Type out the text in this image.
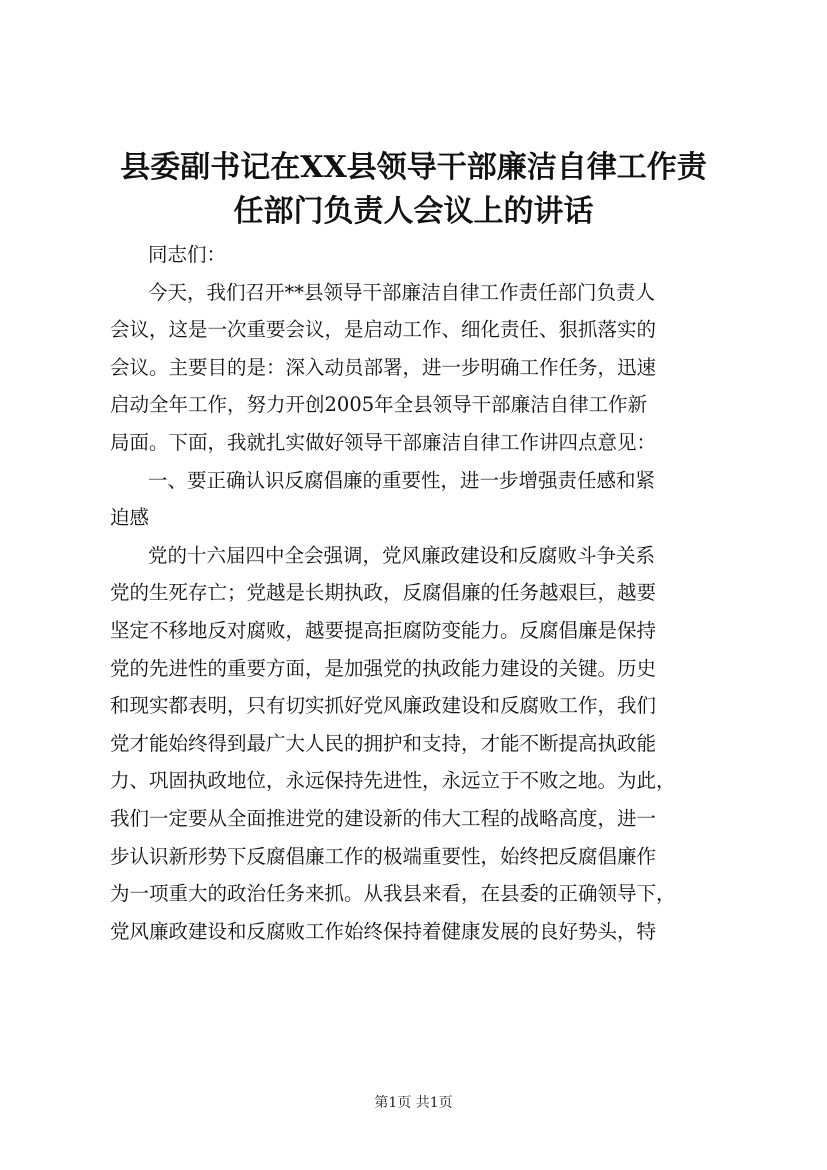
县委副书记在XX县领导干部廉洁自律工作责
任部门负责人会议上的讲话

同志们：

今天，我们召开**县领导干部廉洁自律工作责任部门负责人
会议，这是一次重要会议，是启动工作、细化责任、狠抓落实的
会议。主要目的是：深入动员部署，进一步明确工作任务，迅速
启动全年工作，努力开创2005年全县领导干部廉洁自律工作新
局面。下面，我就扎实做好领导干部廉洁自律工作讲四点意见：

一、要正确认识反腐倡廉的重要性，进一步增强责任感和紧
迫感

党的十六届四中全会强调，党风廉政建设和反腐败斗争关系
党的生死存亡；党越是长期执政，反腐倡廉的任务越艰巨，越要
坚定不移地反对腐败，越要提高拒腐防变能力。反腐倡廉是保持
党的先进性的重要方面，是加强党的执政能力建设的关键。历史
和现实都表明，只有切实抓好党风廉政建设和反腐败工作，我们
党才能始终得到最广大人民的拥护和支持，才能不断提高执政能
力、巩固执政地位，永远保持先进性，永远立于不败之地。为此，
我们一定要从全面推进党的建设新的伟大工程的战略高度，进一
步认识新形势下反腐倡廉工作的极端重要性，始终把反腐倡廉作
为一项重大的政治任务来抓。从我县来看，在县委的正确领导下，
党风廉政建设和反腐败工作始终保持着健康发展的良好势头，特

第1页 共1页
